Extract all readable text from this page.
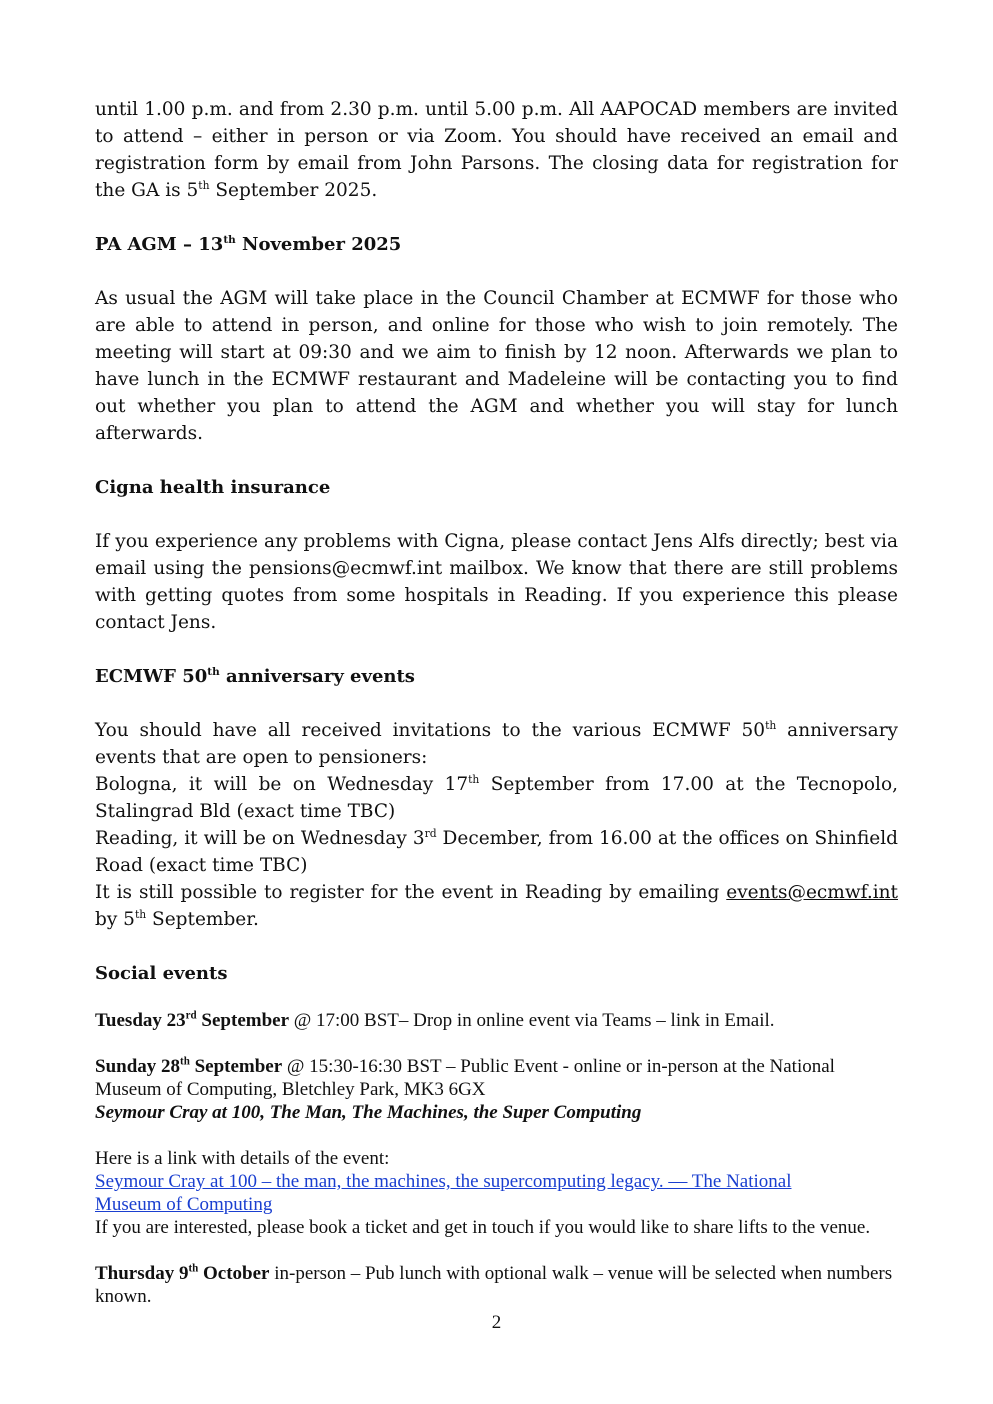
until 1.00 p.m. and from 2.30 p.m. until 5.00 p.m. All AAPOCAD members are invited to attend – either in person or via Zoom. You should have received an email and registration form by email from John Parsons. The closing data for registration for the GA is 5th September 2025.

PA AGM – 13th November 2025

As usual the AGM will take place in the Council Chamber at ECMWF for those who are able to attend in person, and online for those who wish to join remotely. The meeting will start at 09:30 and we aim to finish by 12 noon. Afterwards we plan to have lunch in the ECMWF restaurant and Madeleine will be contacting you to find out whether you plan to attend the AGM and whether you will stay for lunch afterwards.

Cigna health insurance

If you experience any problems with Cigna, please contact Jens Alfs directly; best via email using the pensions@ecmwf.int mailbox. We know that there are still problems with getting quotes from some hospitals in Reading. If you experience this please contact Jens.

ECMWF 50th anniversary events

You should have all received invitations to the various ECMWF 50th anniversary events that are open to pensioners:

Bologna, it will be on Wednesday 17th September from 17.00 at the Tecnopolo, Stalingrad Bld (exact time TBC)

Reading, it will be on Wednesday 3rd December, from 16.00 at the offices on Shinfield Road (exact time TBC)

It is still possible to register for the event in Reading by emailing events@ecmwf.int by 5th September.

Social events

Tuesday 23rd September @ 17:00 BST– Drop in online event via Teams – link in Email.

Sunday 28th September @ 15:30-16:30 BST – Public Event - online or in-person at the National Museum of Computing, Bletchley Park, MK3 6GX

Seymour Cray at 100, The Man, The Machines, the Super Computing

Here is a link with details of the event:

Seymour Cray at 100 – the man, the machines, the supercomputing legacy. — The National Museum of Computing

If you are interested, please book a ticket and get in touch if you would like to share lifts to the venue.

Thursday 9th October in-person – Pub lunch with optional walk – venue will be selected when numbers known.

2
